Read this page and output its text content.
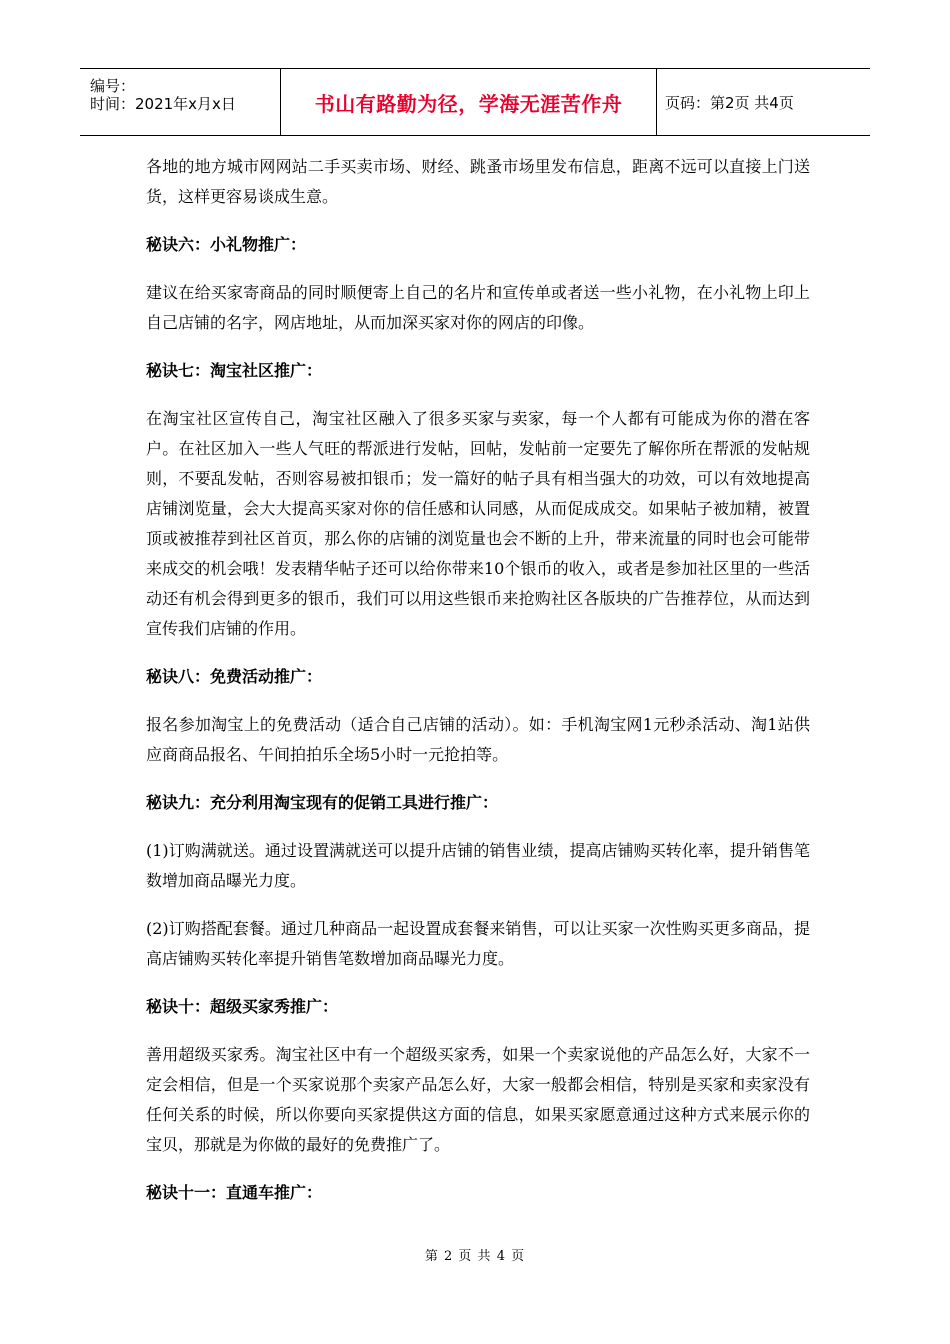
编号：
时间：2021年x月x日	书山有路勤为径，学海无涯苦作舟	页码：第2页 共4页

各地的地方城市网网站二手买卖市场、财经、跳蚤市场里发布信息，距离不远可以直接上门送货，这样更容易谈成生意。

秘诀六：小礼物推广：

建议在给买家寄商品的同时顺便寄上自己的名片和宣传单或者送一些小礼物，在小礼物上印上自己店铺的名字，网店地址，从而加深买家对你的网店的印像。

秘诀七：淘宝社区推广：

在淘宝社区宣传自己，淘宝社区融入了很多买家与卖家，每一个人都有可能成为你的潜在客户。在社区加入一些人气旺的帮派进行发帖，回帖，发帖前一定要先了解你所在帮派的发帖规则，不要乱发帖，否则容易被扣银币；发一篇好的帖子具有相当强大的功效，可以有效地提高店铺浏览量，会大大提高买家对你的信任感和认同感，从而促成成交。如果帖子被加精，被置顶或被推荐到社区首页，那么你的店铺的浏览量也会不断的上升，带来流量的同时也会可能带来成交的机会哦！发表精华帖子还可以给你带来10个银币的收入，或者是参加社区里的一些活动还有机会得到更多的银币，我们可以用这些银币来抢购社区各版块的广告推荐位，从而达到宣传我们店铺的作用。

秘诀八：免费活动推广：

报名参加淘宝上的免费活动（适合自己店铺的活动）。如：手机淘宝网1元秒杀活动、淘1站供应商商品报名、午间拍拍乐全场5小时一元抢拍等。

秘诀九：充分利用淘宝现有的促销工具进行推广：

(1)订购满就送。通过设置满就送可以提升店铺的销售业绩，提高店铺购买转化率，提升销售笔数增加商品曝光力度。

(2)订购搭配套餐。通过几种商品一起设置成套餐来销售，可以让买家一次性购买更多商品，提高店铺购买转化率提升销售笔数增加商品曝光力度。

秘诀十：超级买家秀推广：

善用超级买家秀。淘宝社区中有一个超级买家秀，如果一个卖家说他的产品怎么好，大家不一定会相信，但是一个买家说那个卖家产品怎么好，大家一般都会相信，特别是买家和卖家没有任何关系的时候，所以你要向买家提供这方面的信息，如果买家愿意通过这种方式来展示你的宝贝，那就是为你做的最好的免费推广了。

秘诀十一：直通车推广：

第 2 页 共 4 页
